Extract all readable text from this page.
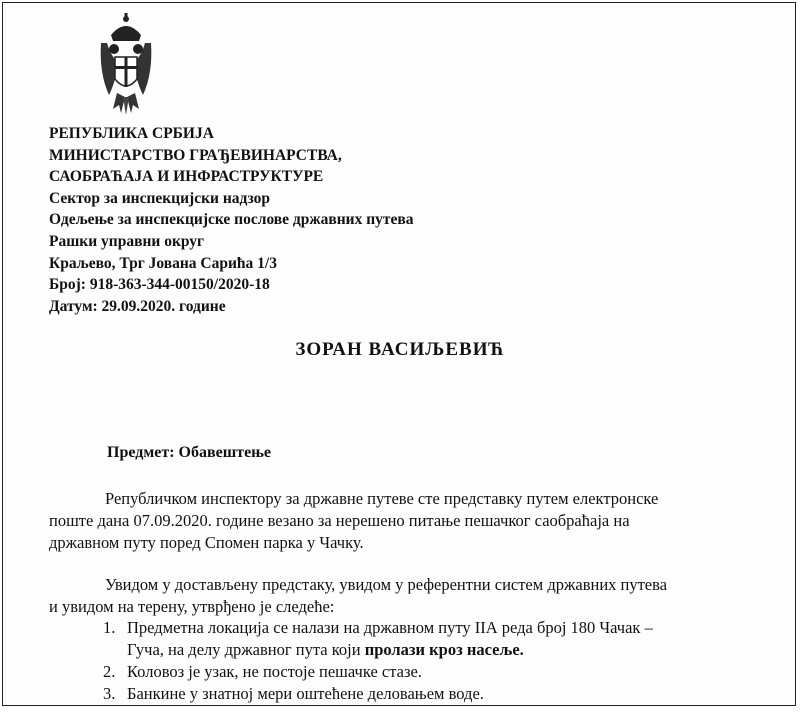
РЕПУБЛИКА СРБИЈА
МИНИСТАРСТВО ГРАЂЕВИНАРСТВА,
САОБРАЋАЈА И ИНФРАСТРУКТУРЕ
Сектор за инспекцијски надзор
Одељење за инспекцијске послове државних путева
Рашки управни округ
Краљево, Трг Јована Сарића 1/3
Број: 918-363-344-00150/2020-18
Датум: 29.09.2020. године
ЗОРАН ВАСИЉЕВИЋ
Предмет: Обавештење
Републичком инспектору за државне путеве сте представку путем електронске
поште дана 07.09.2020. године везано за нерешено питање пешачког саобраћаја на
државном путу поред Спомен парка у Чачку.
Увидом у достављену предстаку, увидом у референтни систем државних путева
и увидом на терену, утврђено је следеће:
1. Предметна локација се налази на државном путу IIА реда број 180 Чачак –
Гуча, на делу државног пута који пролази кроз насеље.
2. Коловоз је узак, не постоје пешачке стазе.
3. Банкине у знатној мери оштећене деловањем воде.
